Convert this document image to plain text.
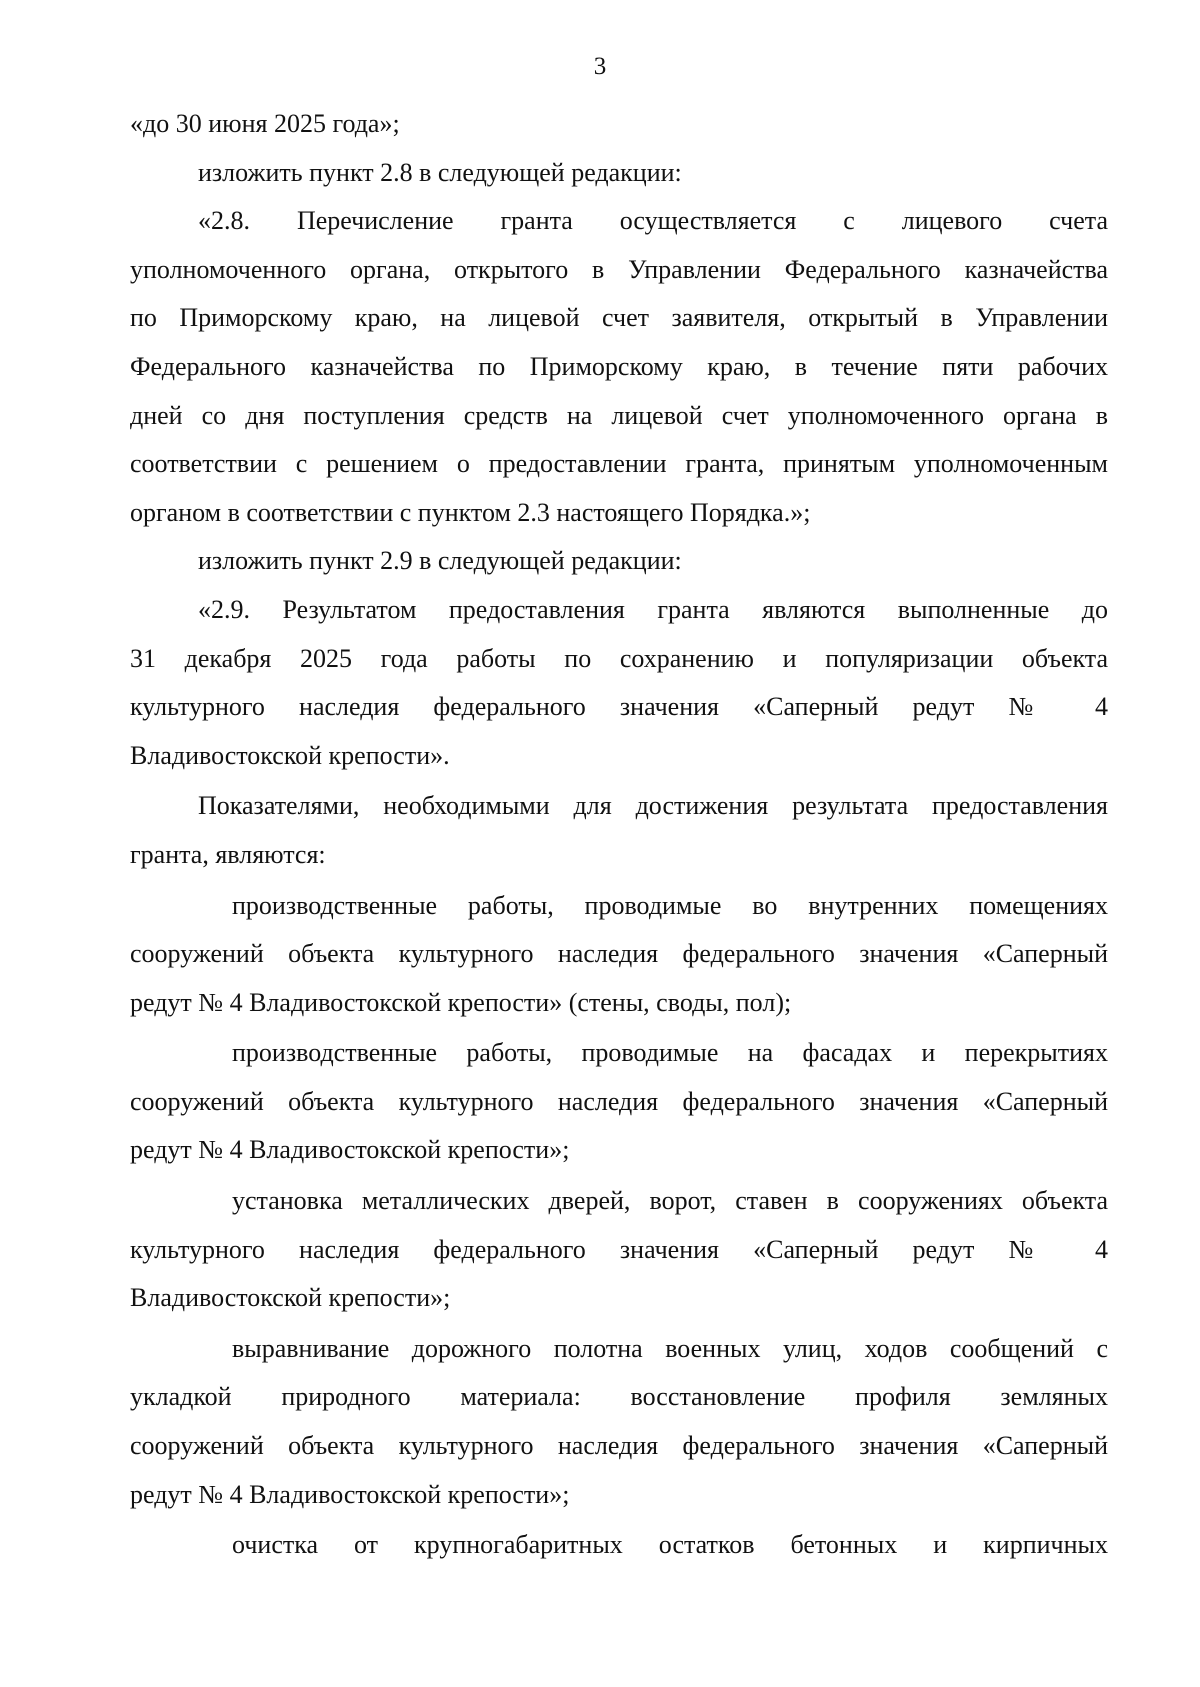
3
«до 30 июня 2025 года»;
изложить пункт 2.8 в следующей редакции:
«2.8. Перечисление гранта осуществляется с лицевого счета
уполномоченного органа, открытого в Управлении Федерального казначейства
по Приморскому краю, на лицевой счет заявителя, открытый в Управлении
Федерального казначейства по Приморскому краю, в течение пяти рабочих
дней со дня поступления средств на лицевой счет уполномоченного органа в
соответствии с решением о предоставлении гранта, принятым уполномоченным
органом в соответствии с пунктом 2.3 настоящего Порядка.»;
изложить пункт 2.9 в следующей редакции:
«2.9. Результатом предоставления гранта являются выполненные до
31 декабря 2025 года работы по сохранению и популяризации объекта
культурного наследия федерального значения «Саперный редут № 4
Владивостокской крепости».
Показателями, необходимыми для достижения результата предоставления
гранта, являются:
производственные работы, проводимые во внутренних помещениях
сооружений объекта культурного наследия федерального значения «Саперный
редут № 4 Владивостокской крепости» (стены, своды, пол);
производственные работы, проводимые на фасадах и перекрытиях
сооружений объекта культурного наследия федерального значения «Саперный
редут № 4 Владивостокской крепости»;
установка металлических дверей, ворот, ставен в сооружениях объекта
культурного наследия федерального значения «Саперный редут № 4
Владивостокской крепости»;
выравнивание дорожного полотна военных улиц, ходов сообщений с
укладкой природного материала: восстановление профиля земляных
сооружений объекта культурного наследия федерального значения «Саперный
редут № 4 Владивостокской крепости»;
очистка от крупногабаритных остатков бетонных и кирпичных
